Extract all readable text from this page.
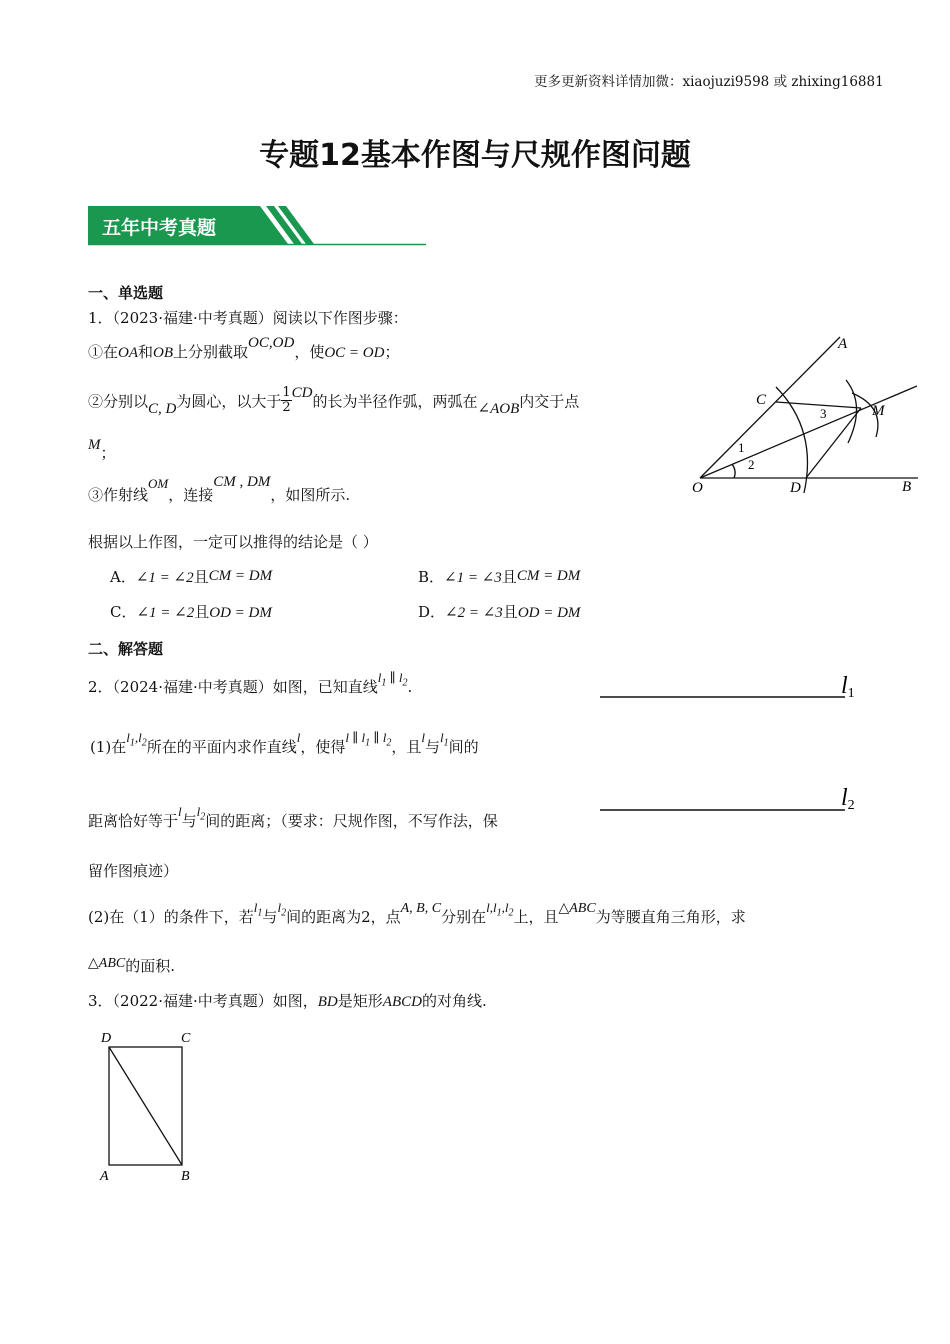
更多更新资料详情加微：xiaojuzi9598 或 zhixing16881
专题12基本作图与尺规作图问题
五年中考真题
一、单选题
1．（2023·福建·中考真题）阅读以下作图步骤：
①在OA和OB上分别截取OC,OD，使OC = OD；
②分别以C, D为圆心，以大于 $\frac{1}{2}$ CD的长为半径作弧，两弧在∠AOB内交于点
M；
③作射线OM，连接CM , DM，如图所示.
根据以上作图，一定可以推得的结论是（ ）
A．∠1 = ∠2且CM = DM	B．∠1 = ∠3且CM = DM
C．∠1 = ∠2且OD = DM	D．∠2 = ∠3且OD = DM
A
C
M
O	D	B
1
2
3
二、解答题
2．（2024·福建·中考真题）如图，已知直线$l_1$ ∥ $l_2$.
(1)在$l_1,l_2$所在的平面内求作直线l，使得l ∥ $l_1$ ∥ $l_2$，且l与$l_1$间的
距离恰好等于l与$l_2$间的距离；（要求：尺规作图，不写作法，保
留作图痕迹）
(2)在（1）的条件下，若$l_1$与$l_2$间的距离为2，点A, B, C分别在$l,l_1,l_2$上，且△ABC为等腰直角三角形，求
△ABC的面积.
l1
l2
3．（2022·福建·中考真题）如图，BD是矩形ABCD的对角线.
D	C
A	B
